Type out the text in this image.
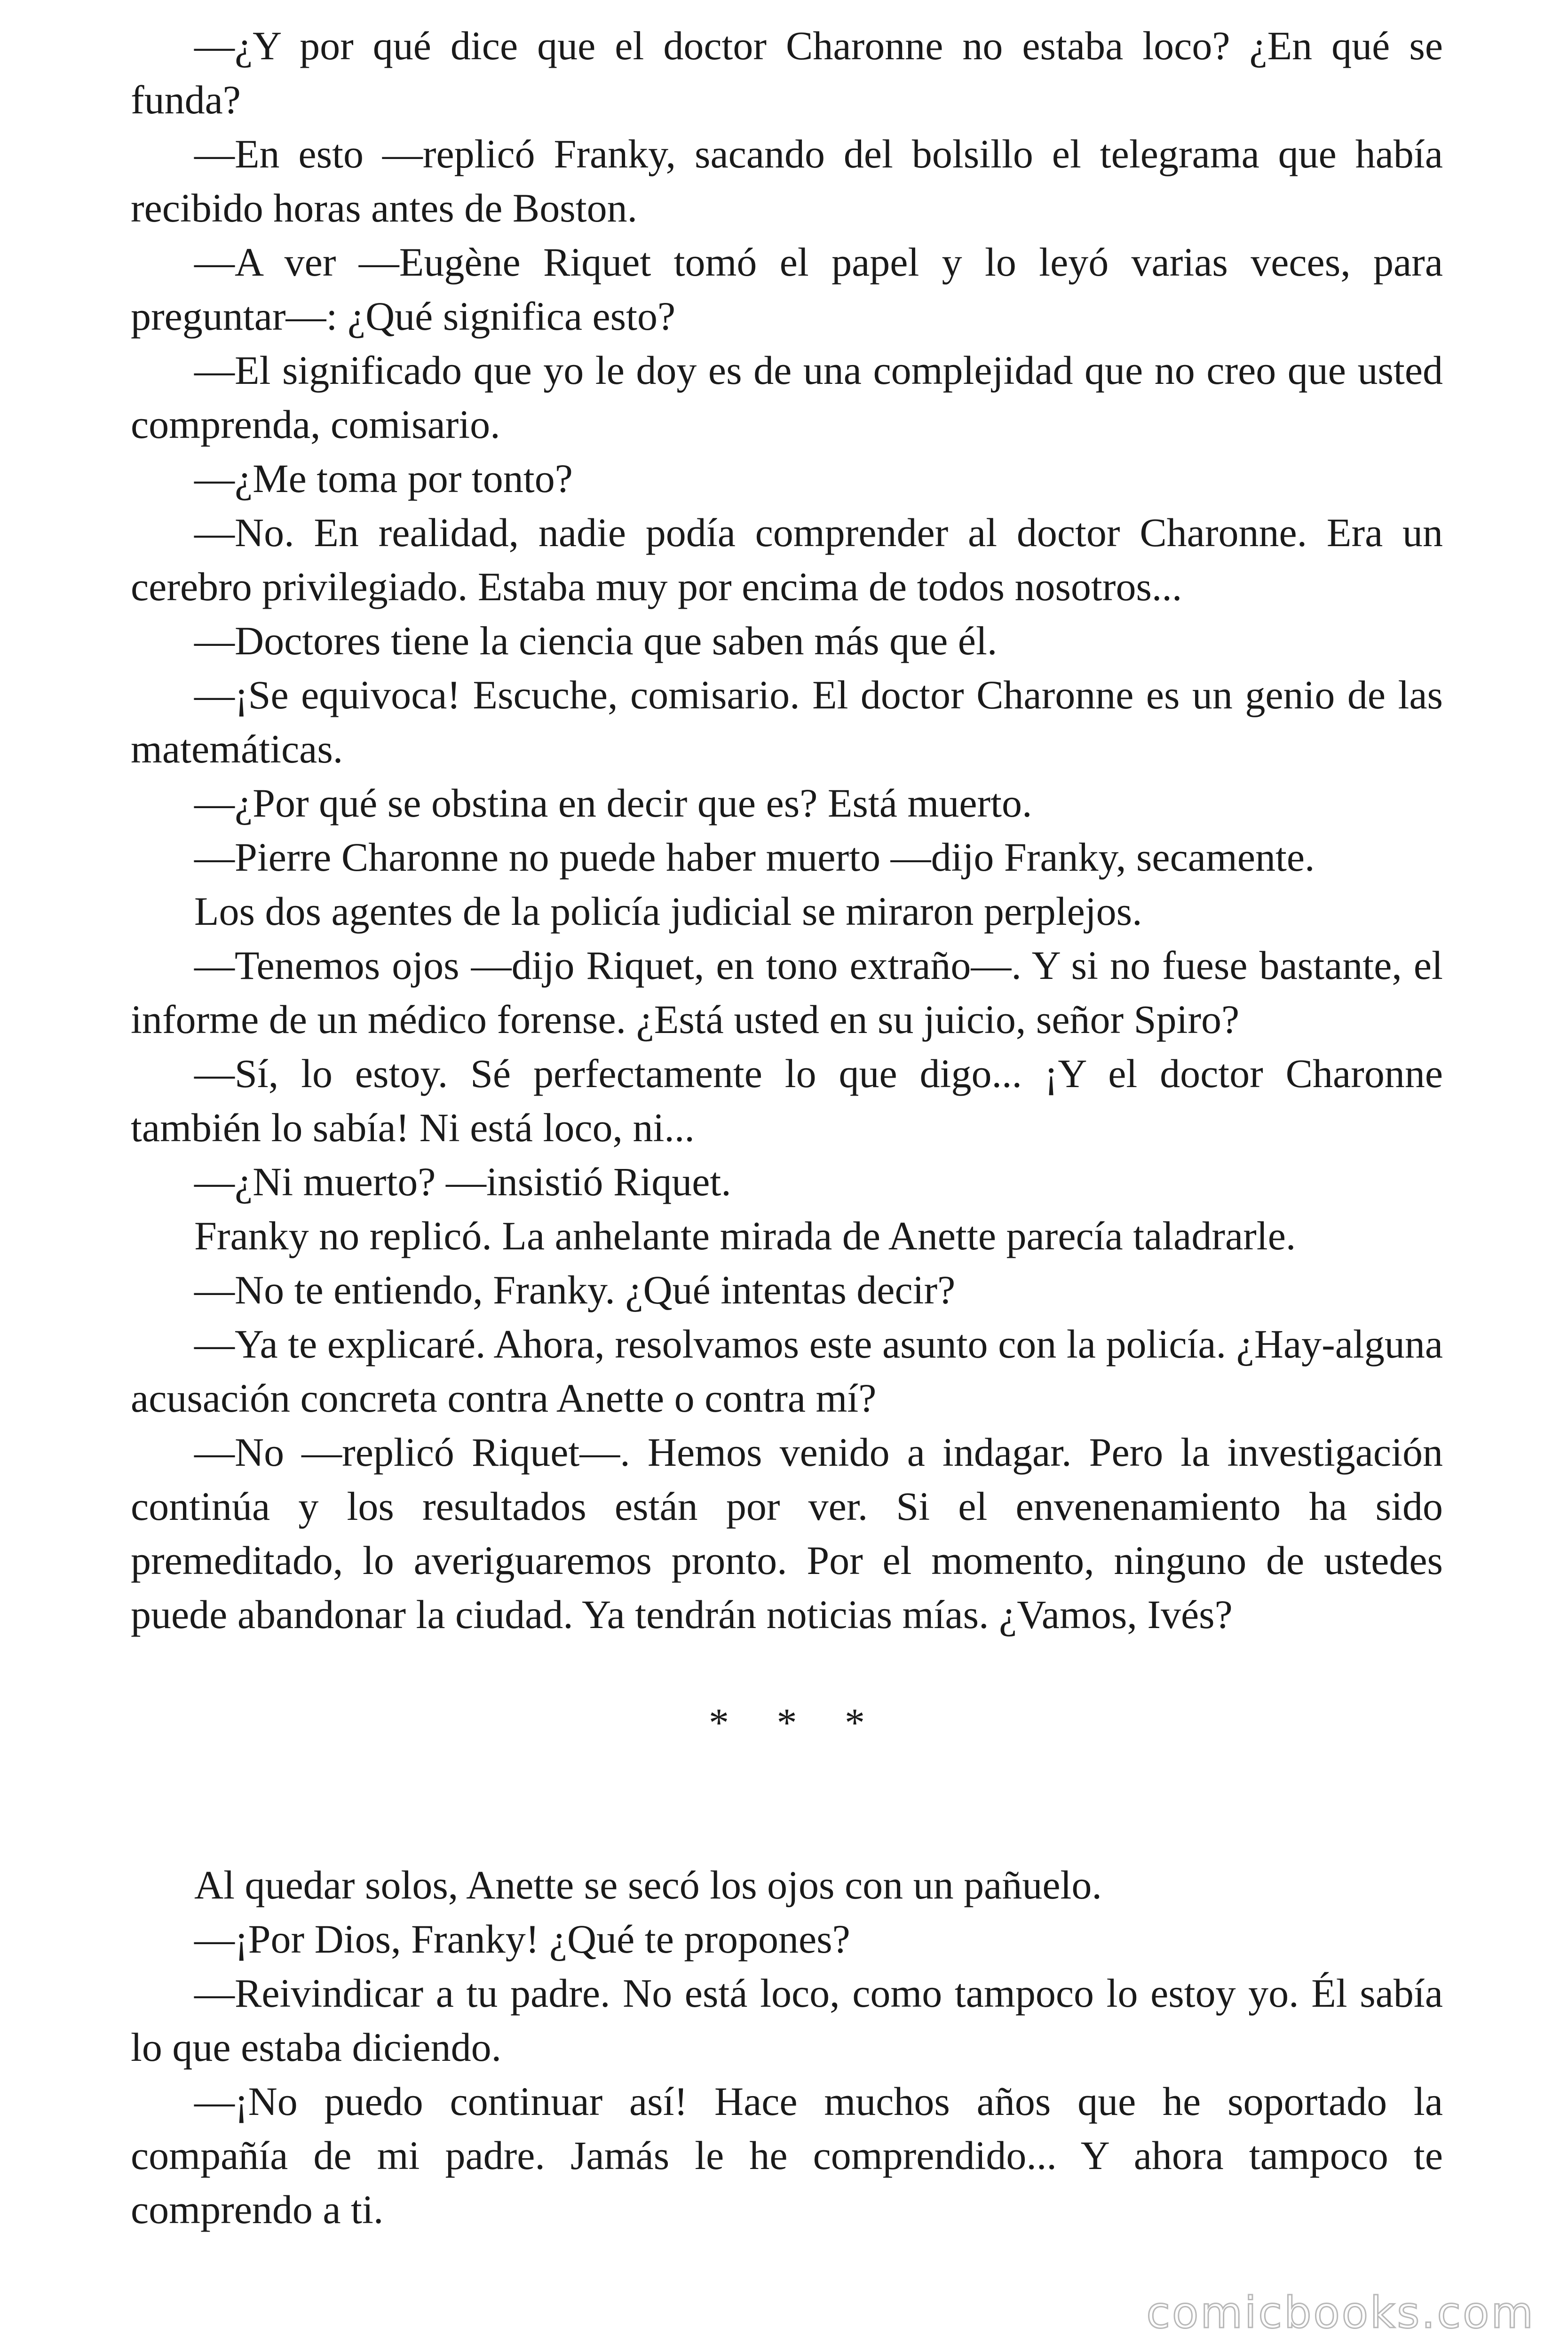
—¿Y por qué dice que el doctor Charonne no estaba loco? ¿En qué se funda?

—En esto —replicó Franky, sacando del bolsillo el telegrama que había recibido horas antes de Boston.

—A ver —Eugène Riquet tomó el papel y lo leyó varias veces, para preguntar—: ¿Qué significa esto?

—El significado que yo le doy es de una complejidad que no creo que usted comprenda, comisario.

—¿Me toma por tonto?

—No. En realidad, nadie podía comprender al doctor Charonne. Era un cerebro privilegiado. Estaba muy por encima de todos nosotros...

—Doctores tiene la ciencia que saben más que él.

—¡Se equivoca! Escuche, comisario. El doctor Charonne es un genio de las matemáticas.

—¿Por qué se obstina en decir que es? Está muerto.

—Pierre Charonne no puede haber muerto —dijo Franky, secamente.

Los dos agentes de la policía judicial se miraron perplejos.

—Tenemos ojos —dijo Riquet, en tono extraño—. Y si no fuese bastante, el informe de un médico forense. ¿Está usted en su juicio, señor Spiro?

—Sí, lo estoy. Sé perfectamente lo que digo... ¡Y el doctor Charonne también lo sabía! Ni está loco, ni...

—¿Ni muerto? —insistió Riquet.

Franky no replicó. La anhelante mirada de Anette parecía taladrarle.

—No te entiendo, Franky. ¿Qué intentas decir?

—Ya te explicaré. Ahora, resolvamos este asunto con la policía. ¿Hay-alguna acusación concreta contra Anette o contra mí?

—No —replicó Riquet—. Hemos venido a indagar. Pero la investigación continúa y los resultados están por ver. Si el envenenamiento ha sido premeditado, lo averiguaremos pronto. Por el momento, ninguno de ustedes puede abandonar la ciudad. Ya tendrán noticias mías. ¿Vamos, Ivés?

* * *

Al quedar solos, Anette se secó los ojos con un pañuelo.

—¡Por Dios, Franky! ¿Qué te propones?

—Reivindicar a tu padre. No está loco, como tampoco lo estoy yo. Él sabía lo que estaba diciendo.

—¡No puedo continuar así! Hace muchos años que he soportado la compañía de mi padre. Jamás le he comprendido... Y ahora tampoco te comprendo a ti.

comicbooks.com
